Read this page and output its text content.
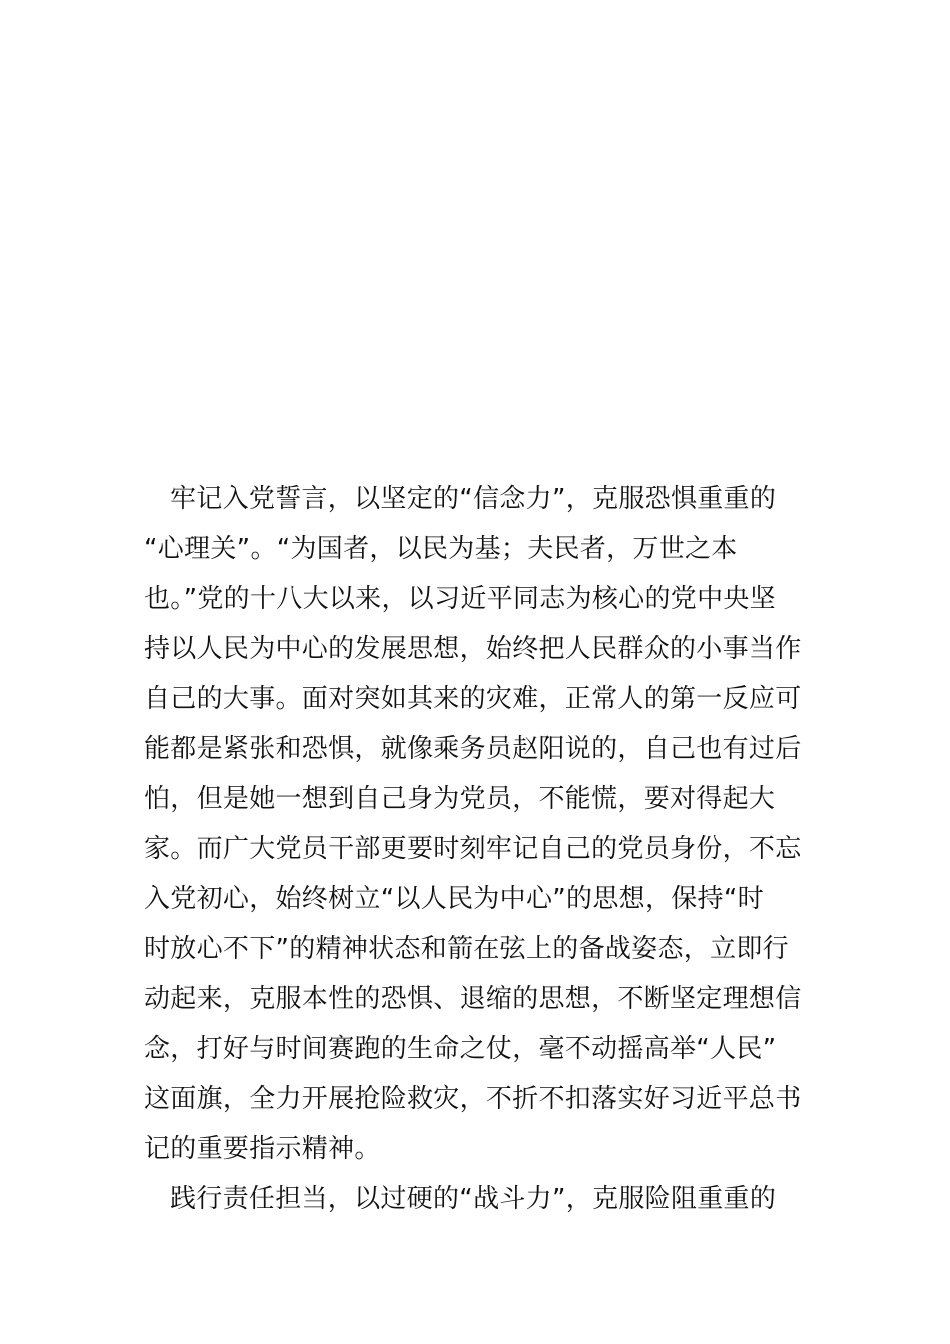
牢记入党誓言，以坚定的“信念力”，克服恐惧重重的
“心理关”。“为国者，以民为基；夫民者，万世之本
也。”党的十八大以来，以习近平同志为核心的党中央坚
持以人民为中心的发展思想，始终把人民群众的小事当作
自己的大事。面对突如其来的灾难，正常人的第一反应可
能都是紧张和恐惧，就像乘务员赵阳说的，自己也有过后
怕，但是她一想到自己身为党员，不能慌，要对得起大
家。而广大党员干部更要时刻牢记自己的党员身份，不忘
入党初心，始终树立“以人民为中心”的思想，保持“时
时放心不下”的精神状态和箭在弦上的备战姿态，立即行
动起来，克服本性的恐惧、退缩的思想，不断坚定理想信
念，打好与时间赛跑的生命之仗，毫不动摇高举“人民”
这面旗，全力开展抢险救灾，不折不扣落实好习近平总书
记的重要指示精神。
践行责任担当，以过硬的“战斗力”，克服险阻重重的
